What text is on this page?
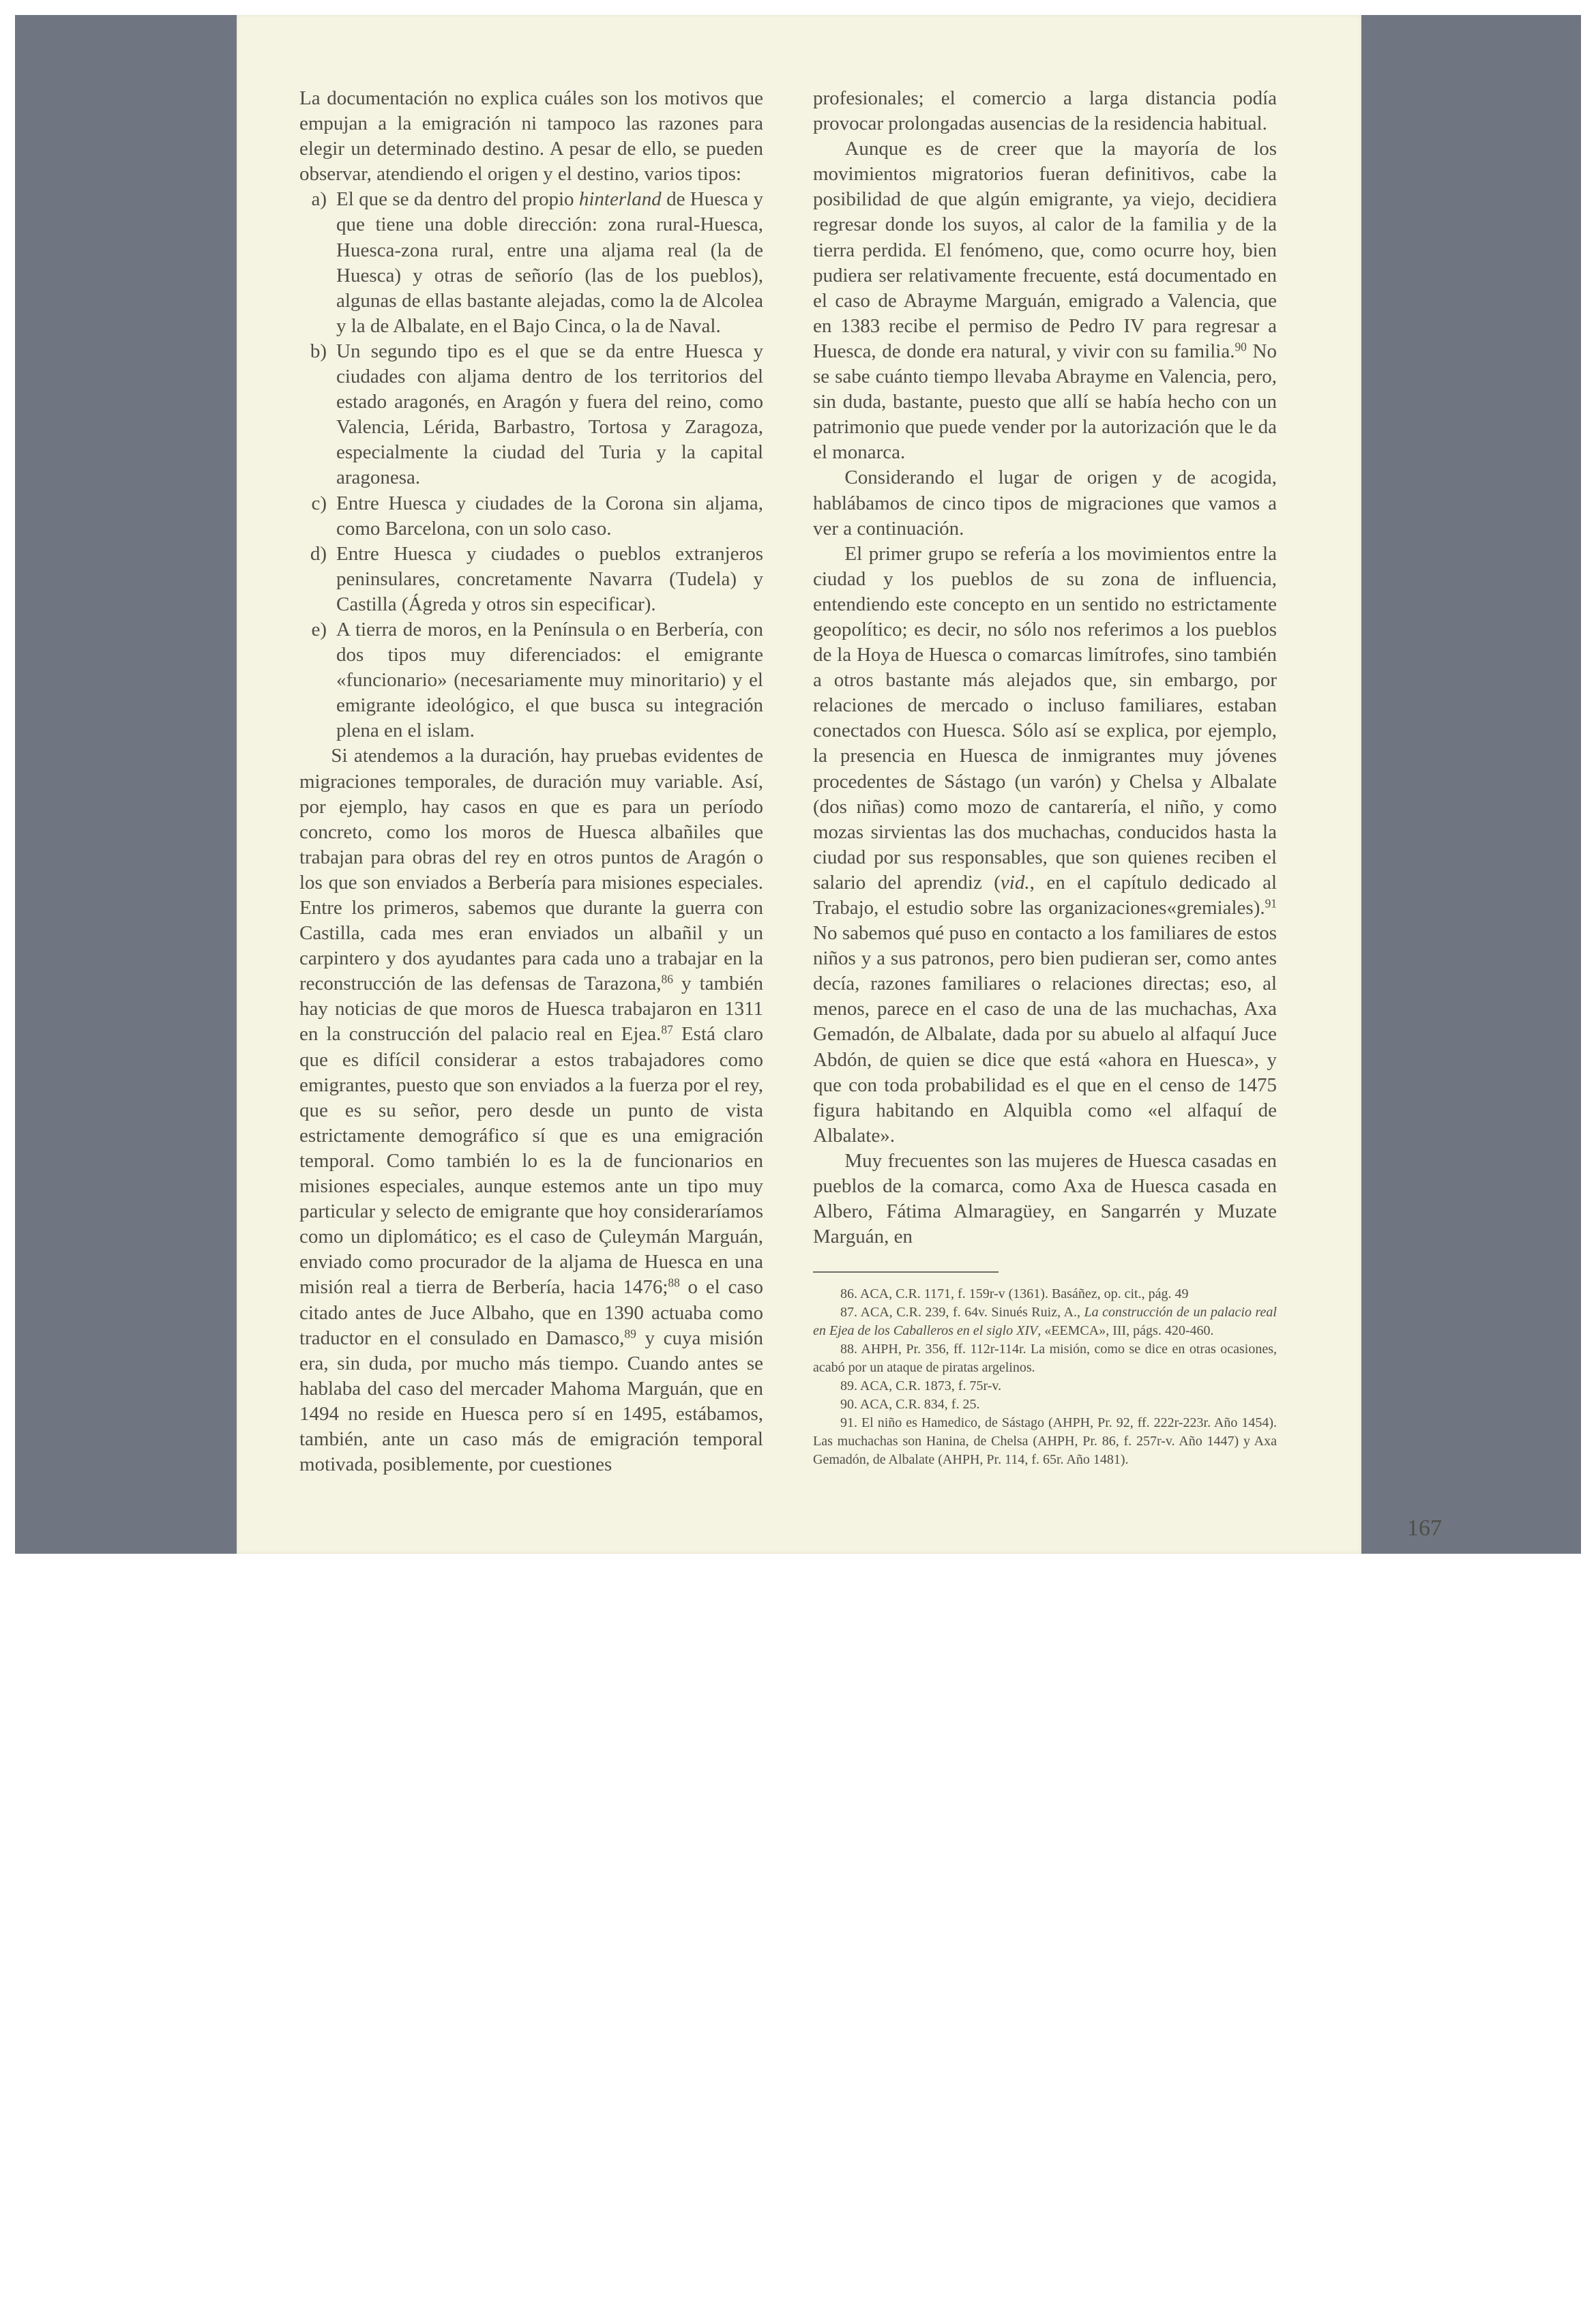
La documentación no explica cuáles son los motivos que empujan a la emigración ni tampoco las razones para elegir un determinado destino. A pesar de ello, se pueden observar, atendiendo el origen y el destino, varios tipos:

a) El que se da dentro del propio hinterland de Huesca y que tiene una doble dirección: zona rural-Huesca, Huesca-zona rural, entre una aljama real (la de Huesca) y otras de señorío (las de los pueblos), algunas de ellas bastante alejadas, como la de Alcolea y la de Albalate, en el Bajo Cinca, o la de Naval.
b) Un segundo tipo es el que se da entre Huesca y ciudades con aljama dentro de los territorios del estado aragonés, en Aragón y fuera del reino, como Valencia, Lérida, Barbastro, Tortosa y Zaragoza, especialmente la ciudad del Turia y la capital aragonesa.
c) Entre Huesca y ciudades de la Corona sin aljama, como Barcelona, con un solo caso.
d) Entre Huesca y ciudades o pueblos extranjeros peninsulares, concretamente Navarra (Tudela) y Castilla (Ágreda y otros sin especificar).
e) A tierra de moros, en la Península o en Berbería, con dos tipos muy diferenciados: el emigrante «funcionario» (necesariamente muy minoritario) y el emigrante ideológico, el que busca su integración plena en el islam.

Si atendemos a la duración, hay pruebas evidentes de migraciones temporales, de duración muy variable. Así, por ejemplo, hay casos en que es para un período concreto, como los moros de Huesca albañiles que trabajan para obras del rey en otros puntos de Aragón o los que son enviados a Berbería para misiones especiales. Entre los primeros, sabemos que durante la guerra con Castilla, cada mes eran enviados un albañil y un carpintero y dos ayudantes para cada uno a trabajar en la reconstrucción de las defensas de Tarazona,$^{86}$ y también hay noticias de que moros de Huesca trabajaron en 1311 en la construcción del palacio real en Ejea.$^{87}$ Está claro que es difícil considerar a estos trabajadores como emigrantes, puesto que son enviados a la fuerza por el rey, que es su señor, pero desde un punto de vista estrictamente demográfico sí que es una emigración temporal. Como también lo es la de funcionarios en misiones especiales, aunque estemos ante un tipo muy particular y selecto de emigrante que hoy consideraríamos como un diplomático; es el caso de Çuleymán Marguán, enviado como procurador de la aljama de Huesca en una misión real a tierra de Berbería, hacia 1476;$^{88}$ o el caso citado antes de Juce Albaho, que en 1390 actuaba como traductor en el consulado en Damasco,$^{89}$ y cuya misión era, sin duda, por mucho más tiempo. Cuando antes se hablaba del caso del mercader Mahoma Marguán, que en 1494 no reside en Huesca pero sí en 1495, estábamos, también, ante un caso más de emigración temporal motivada, posiblemente, por cuestiones

profesionales; el comercio a larga distancia podía provocar prolongadas ausencias de la residencia habitual.

Aunque es de creer que la mayoría de los movimientos migratorios fueran definitivos, cabe la posibilidad de que algún emigrante, ya viejo, decidiera regresar donde los suyos, al calor de la familia y de la tierra perdida. El fenómeno, que, como ocurre hoy, bien pudiera ser relativamente frecuente, está documentado en el caso de Abrayme Marguán, emigrado a Valencia, que en 1383 recibe el permiso de Pedro IV para regresar a Huesca, de donde era natural, y vivir con su familia.$^{90}$ No se sabe cuánto tiempo llevaba Abrayme en Valencia, pero, sin duda, bastante, puesto que allí se había hecho con un patrimonio que puede vender por la autorización que le da el monarca.

Considerando el lugar de origen y de acogida, hablábamos de cinco tipos de migraciones que vamos a ver a continuación.

El primer grupo se refería a los movimientos entre la ciudad y los pueblos de su zona de influencia, entendiendo este concepto en un sentido no estrictamente geopolítico; es decir, no sólo nos referimos a los pueblos de la Hoya de Huesca o comarcas limítrofes, sino también a otros bastante más alejados que, sin embargo, por relaciones de mercado o incluso familiares, estaban conectados con Huesca. Sólo así se explica, por ejemplo, la presencia en Huesca de inmigrantes muy jóvenes procedentes de Sástago (un varón) y Chelsa y Albalate (dos niñas) como mozo de cantarería, el niño, y como mozas sirvientas las dos muchachas, conducidos hasta la ciudad por sus responsables, que son quienes reciben el salario del aprendiz (vid., en el capítulo dedicado al Trabajo, el estudio sobre las organizaciones«gremiales).$^{91}$ No sabemos qué puso en contacto a los familiares de estos niños y a sus patronos, pero bien pudieran ser, como antes decía, razones familiares o relaciones directas; eso, al menos, parece en el caso de una de las muchachas, Axa Gemadón, de Albalate, dada por su abuelo al alfaquí Juce Abdón, de quien se dice que está «ahora en Huesca», y que con toda probabilidad es el que en el censo de 1475 figura habitando en Alquibla como «el alfaquí de Albalate».

Muy frecuentes son las mujeres de Huesca casadas en pueblos de la comarca, como Axa de Huesca casada en Albero, Fátima Almaragüey, en Sangarrén y Muzate Marguán, en

86. ACA, C.R. 1171, f. 159r-v (1361). Basáñez, op. cit., pág. 49

87. ACA, C.R. 239, f. 64v. Sinués Ruiz, A., La construcción de un palacio real en Ejea de los Caballeros en el siglo XIV, «EEMCA», III, págs. 420-460.

88. AHPH, Pr. 356, ff. 112r-114r. La misión, como se dice en otras ocasiones, acabó por un ataque de piratas argelinos.

89. ACA, C.R. 1873, f. 75r-v.

90. ACA, C.R. 834, f. 25.

91. El niño es Hamedico, de Sástago (AHPH, Pr. 92, ff. 222r-223r. Año 1454). Las muchachas son Hanina, de Chelsa (AHPH, Pr. 86, f. 257r-v. Año 1447) y Axa Gemadón, de Albalate (AHPH, Pr. 114, f. 65r. Año 1481).

167
